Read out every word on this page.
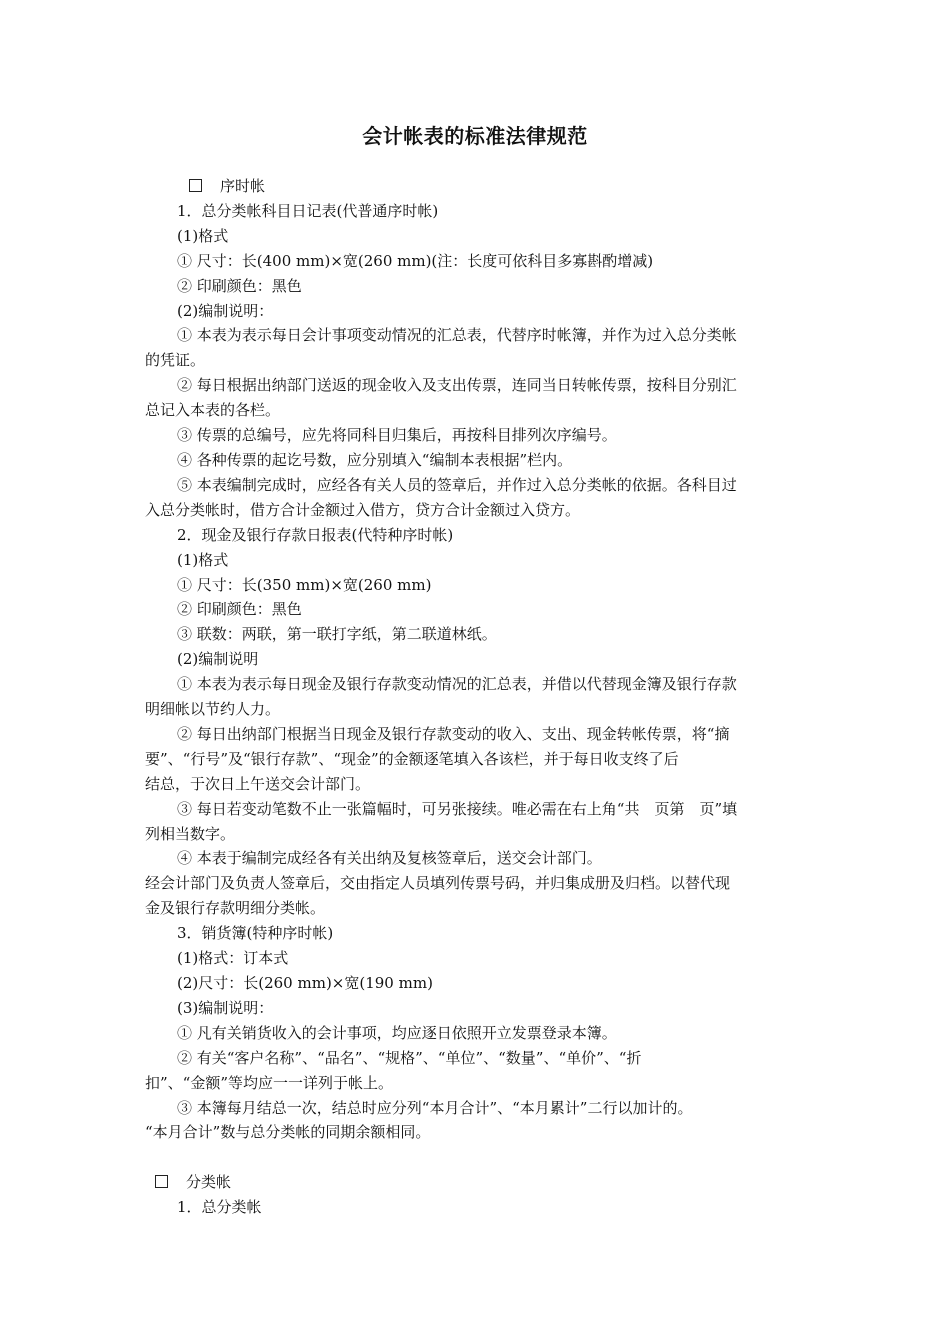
会计帐表的标准法律规范

序时帐

1．总分类帐科目日记表(代普通序时帐)

(1)格式

① 尺寸：长(400 mm)×宽(260 mm)(注：长度可依科目多寡斟酌增减)

② 印刷颜色：黑色

(2)编制说明：

① 本表为表示每日会计事项变动情况的汇总表，代替序时帐簿，并作为过入总分类帐

的凭证。

② 每日根据出纳部门送返的现金收入及支出传票，连同当日转帐传票，按科目分别汇

总记入本表的各栏。

③ 传票的总编号，应先将同科目归集后，再按科目排列次序编号。

④ 各种传票的起讫号数，应分别填入“编制本表根据”栏内。

⑤ 本表编制完成时，应经各有关人员的签章后，并作过入总分类帐的依据。各科目过

入总分类帐时，借方合计金额过入借方，贷方合计金额过入贷方。

2．现金及银行存款日报表(代特种序时帐)

(1)格式

① 尺寸：长(350 mm)×宽(260 mm)

② 印刷颜色：黑色

③ 联数：两联，第一联打字纸，第二联道林纸。

(2)编制说明

① 本表为表示每日现金及银行存款变动情况的汇总表，并借以代替现金簿及银行存款

明细帐以节约人力。

② 每日出纳部门根据当日现金及银行存款变动的收入、支出、现金转帐传票，将“摘

要”、“行号”及“银行存款”、“现金”的金额逐笔填入各该栏，并于每日收支终了后

结总，于次日上午送交会计部门。

③ 每日若变动笔数不止一张篇幅时，可另张接续。唯必需在右上角“共　页第　页”填

列相当数字。

④ 本表于编制完成经各有关出纳及复核签章后，送交会计部门。

经会计部门及负责人签章后，交由指定人员填列传票号码，并归集成册及归档。以替代现

金及银行存款明细分类帐。

3．销货簿(特种序时帐)

(1)格式：订本式

(2)尺寸：长(260 mm)×宽(190 mm)

(3)编制说明：

① 凡有关销货收入的会计事项，均应逐日依照开立发票登录本簿。

② 有关“客户名称”、“品名”、“规格”、“单位”、“数量”、“单价”、“折

扣”、“金额”等均应一一详列于帐上。

③ 本簿每月结总一次，结总时应分列“本月合计”、“本月累计”二行以加计的。

“本月合计”数与总分类帐的同期余额相同。

分类帐

1．总分类帐
